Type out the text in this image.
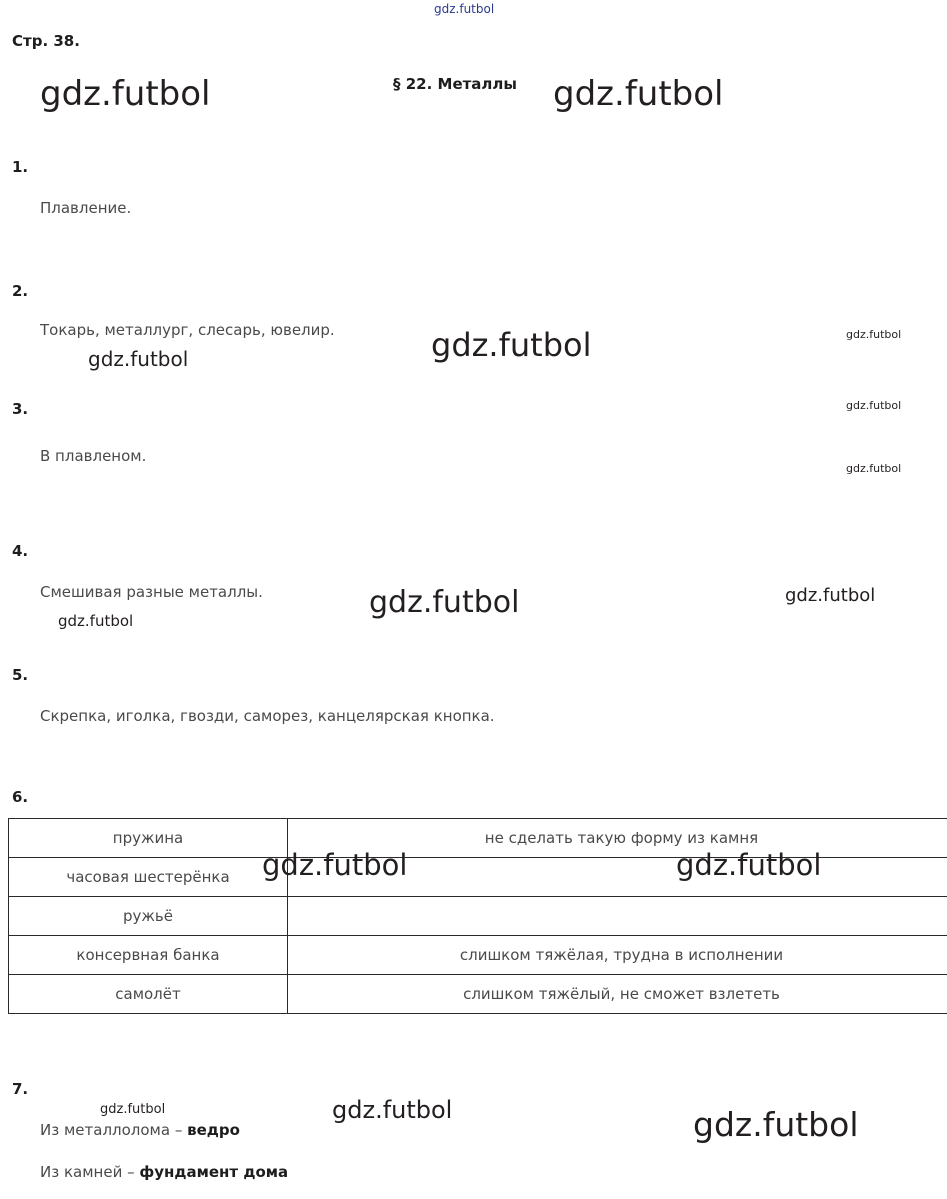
Стр. 38.
§ 22. Металлы
1.
Плавление.
2.
Токарь, металлург, слесарь, ювелир.
3.
В плавленом.
4.
Смешивая разные металлы.
5.
Скрепка, иголка, гвозди, саморез, канцелярская кнопка.
6.
пружина	не сделать такую форму из камня
часовая шестерёнка	
ружьё	
консервная банка	слишком тяжёлая, трудна в исполнении
самолёт	слишком тяжёлый, не сможет взлететь
7.
Из металлолома – ведро
Из камней – фундамент дома
gdz.futbol
gdz.futbol	gdz.futbol
gdz.futbol
gdz.futbol	gdz.futbol
gdz.futbol
gdz.futbol
gdz.futbol	gdz.futbol
gdz.futbol
gdz.futbol	gdz.futbol
gdz.futbol	gdz.futbol	gdz.futbol
